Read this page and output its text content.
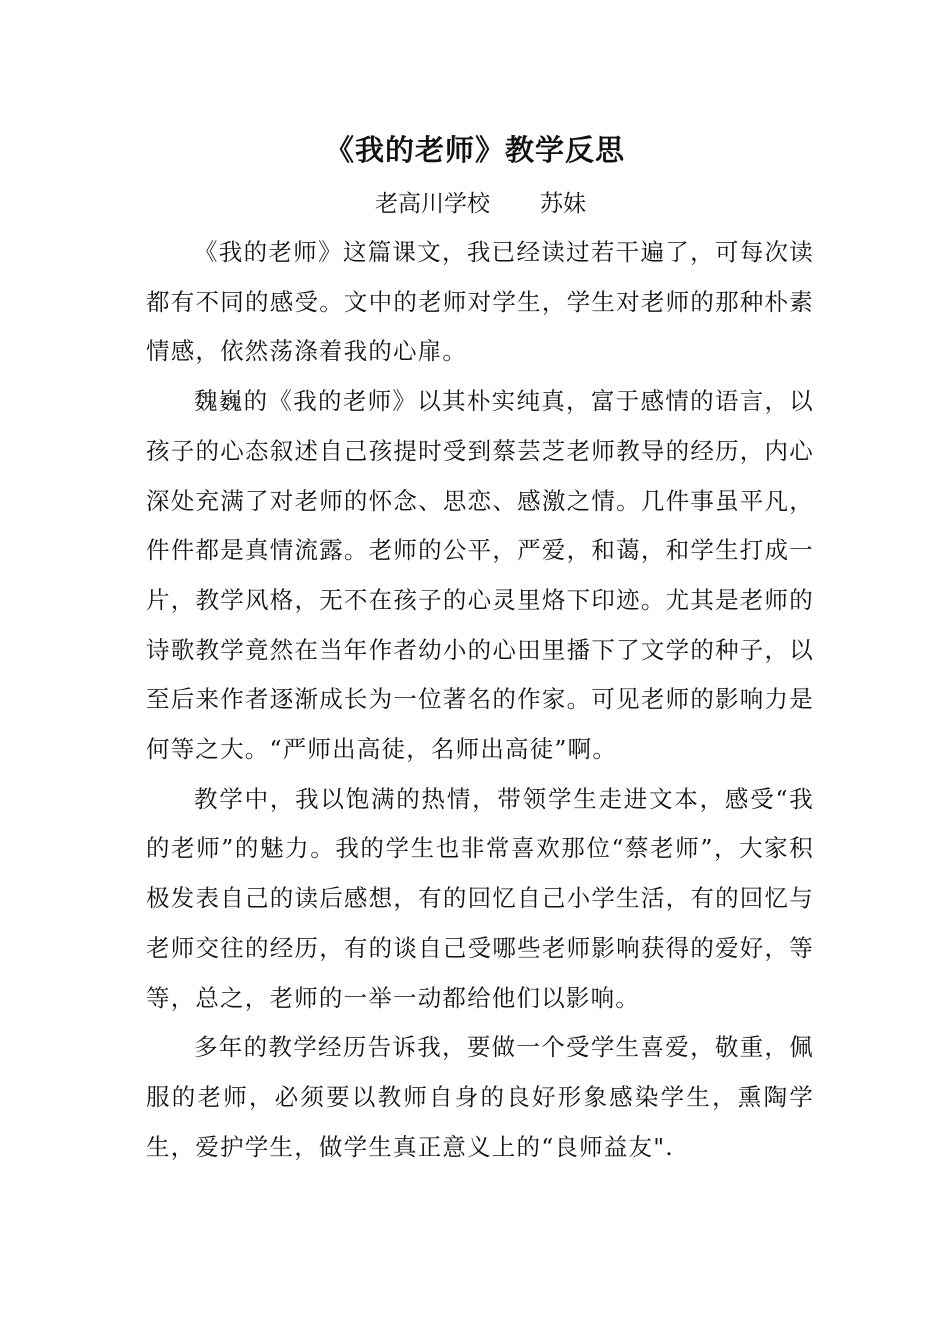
《我的老师》教学反思
老高川学校 苏妹

《我的老师》这篇课文，我已经读过若干遍了，可每次读都有不同的感受。文中的老师对学生，学生对老师的那种朴素情感，依然荡涤着我的心扉。

魏巍的《我的老师》以其朴实纯真，富于感情的语言，以孩子的心态叙述自己孩提时受到蔡芸芝老师教导的经历，内心深处充满了对老师的怀念、思恋、感激之情。几件事虽平凡，件件都是真情流露。老师的公平，严爱，和蔼，和学生打成一片，教学风格，无不在孩子的心灵里烙下印迹。尤其是老师的诗歌教学竟然在当年作者幼小的心田里播下了文学的种子，以至后来作者逐渐成长为一位著名的作家。可见老师的影响力是何等之大。“严师出高徒，名师出高徒”啊。

教学中，我以饱满的热情，带领学生走进文本，感受“我的老师”的魅力。我的学生也非常喜欢那位“蔡老师”，大家积极发表自己的读后感想，有的回忆自己小学生活，有的回忆与老师交往的经历，有的谈自己受哪些老师影响获得的爱好，等等，总之，老师的一举一动都给他们以影响。

多年的教学经历告诉我，要做一个受学生喜爱，敬重，佩服的老师，必须要以教师自身的良好形象感染学生，熏陶学生，爱护学生，做学生真正意义上的“良师益友".
